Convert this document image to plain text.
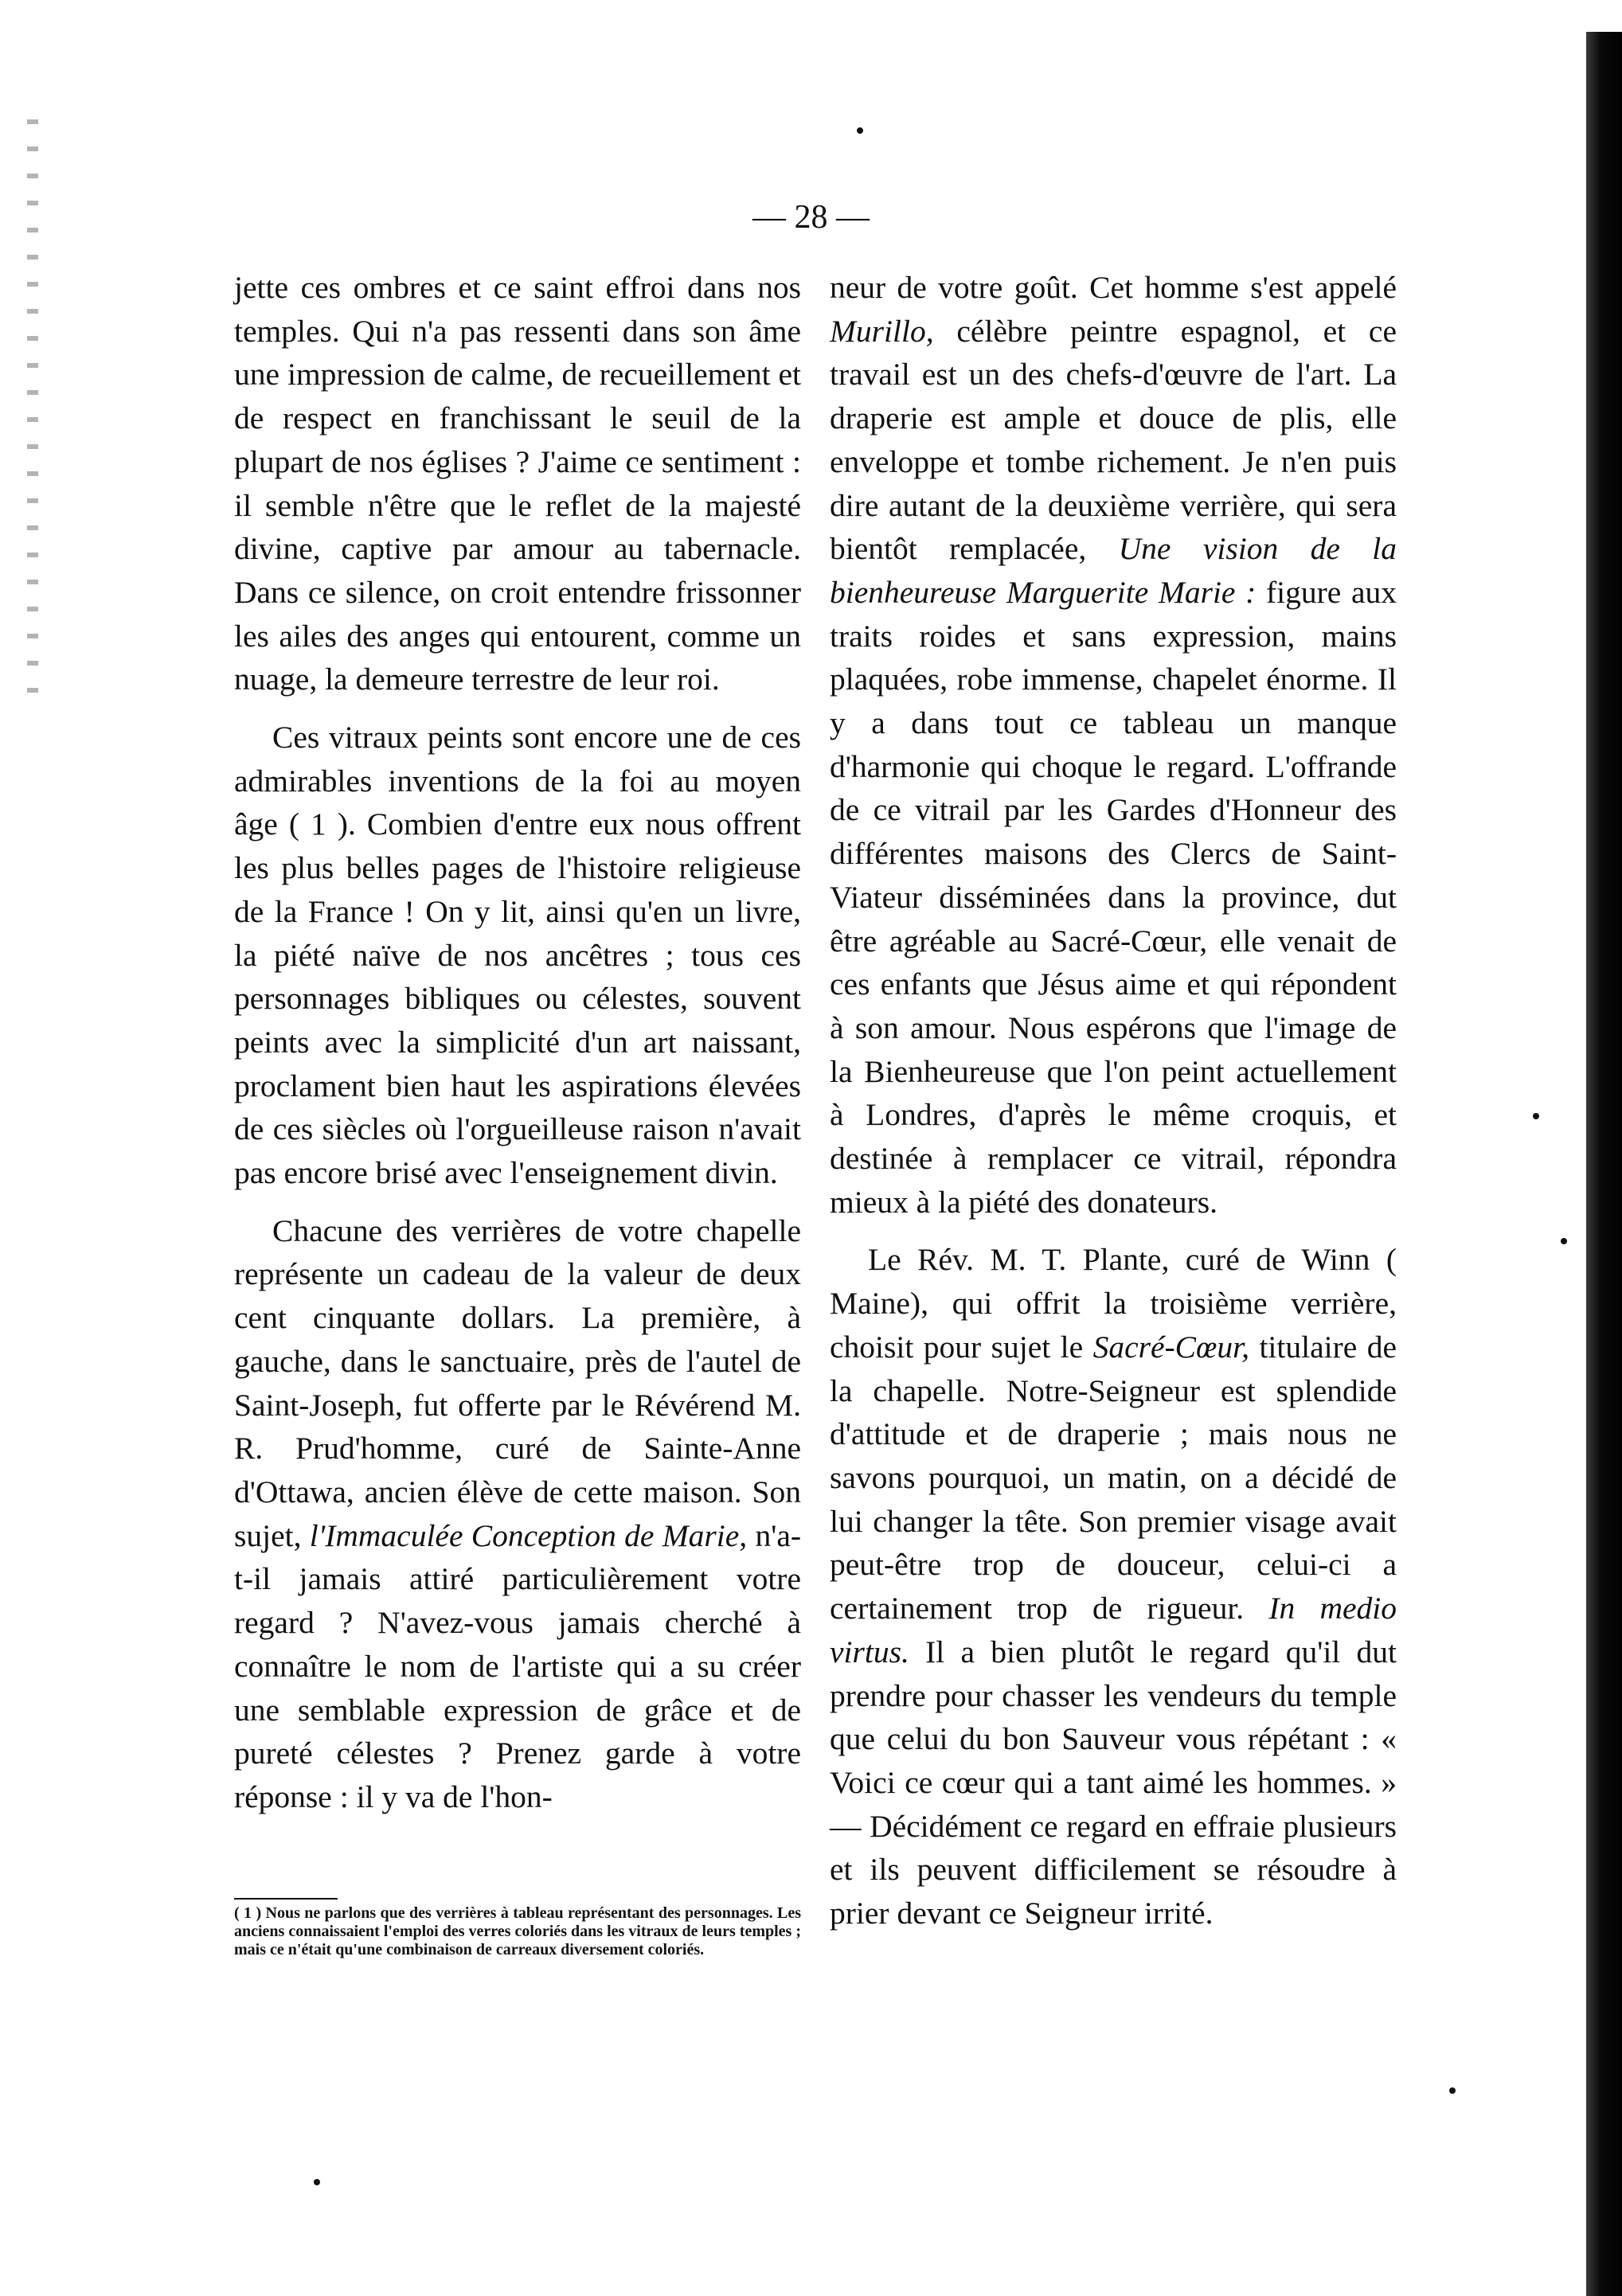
— 28 —

jette ces ombres et ce saint effroi dans nos temples. Qui n'a pas ressenti dans son âme une impression de calme, de recueillement et de respect en franchissant le seuil de la plupart de nos églises ? J'aime ce sentiment : il semble n'être que le reflet de la majesté divine, captive par amour au tabernacle. Dans ce silence, on croit entendre frissonner les ailes des anges qui entourent, comme un nuage, la demeure terrestre de leur roi.

Ces vitraux peints sont encore une de ces admirables inventions de la foi au moyen âge ( 1 ). Combien d'entre eux nous offrent les plus belles pages de l'histoire religieuse de la France ! On y lit, ainsi qu'en un livre, la piété naïve de nos ancêtres ; tous ces personnages bibliques ou célestes, souvent peints avec la simplicité d'un art naissant, proclament bien haut les aspirations élevées de ces siècles où l'orgueilleuse raison n'avait pas encore brisé avec l'enseignement divin.

Chacune des verrières de votre chapelle représente un cadeau de la valeur de deux cent cinquante dollars. La première, à gauche, dans le sanctuaire, près de l'autel de Saint-Joseph, fut offerte par le Révérend M. R. Prud'homme, curé de Sainte-Anne d'Ottawa, ancien élève de cette maison. Son sujet, l'Immaculée Conception de Marie, n'a-t-il jamais attiré particulièrement votre regard ? N'avez-vous jamais cherché à connaître le nom de l'artiste qui a su créer une semblable expression de grâce et de pureté célestes ? Prenez garde à votre réponse : il y va de l'hon-

neur de votre goût. Cet homme s'est appelé Murillo, célèbre peintre espagnol, et ce travail est un des chefs-d'œuvre de l'art. La draperie est ample et douce de plis, elle enveloppe et tombe richement. Je n'en puis dire autant de la deuxième verrière, qui sera bientôt remplacée, Une vision de la bienheureuse Marguerite Marie : figure aux traits roides et sans expression, mains plaquées, robe immense, chapelet énorme. Il y a dans tout ce tableau un manque d'harmonie qui choque le regard. L'offrande de ce vitrail par les Gardes d'Honneur des différentes maisons des Clercs de Saint-Viateur disséminées dans la province, dut être agréable au Sacré-Cœur, elle venait de ces enfants que Jésus aime et qui répondent à son amour. Nous espérons que l'image de la Bienheureuse que l'on peint actuellement à Londres, d'après le même croquis, et destinée à remplacer ce vitrail, répondra mieux à la piété des donateurs.

Le Rév. M. T. Plante, curé de Winn ( Maine), qui offrit la troisième verrière, choisit pour sujet le Sacré-Cœur, titulaire de la chapelle. Notre-Seigneur est splendide d'attitude et de draperie ; mais nous ne savons pourquoi, un matin, on a décidé de lui changer la tête. Son premier visage avait peut-être trop de douceur, celui-ci a certainement trop de rigueur. In medio virtus. Il a bien plutôt le regard qu'il dut prendre pour chasser les vendeurs du temple que celui du bon Sauveur vous répétant : « Voici ce cœur qui a tant aimé les hommes. » — Décidément ce regard en effraie plusieurs et ils peuvent difficilement se résoudre à prier devant ce Seigneur irrité.

( 1 ) Nous ne parlons que des verrières à tableau représentant des personnages. Les anciens connaissaient l'emploi des verres coloriés dans les vitraux de leurs temples ; mais ce n'était qu'une combinaison de carreaux diversement coloriés.
